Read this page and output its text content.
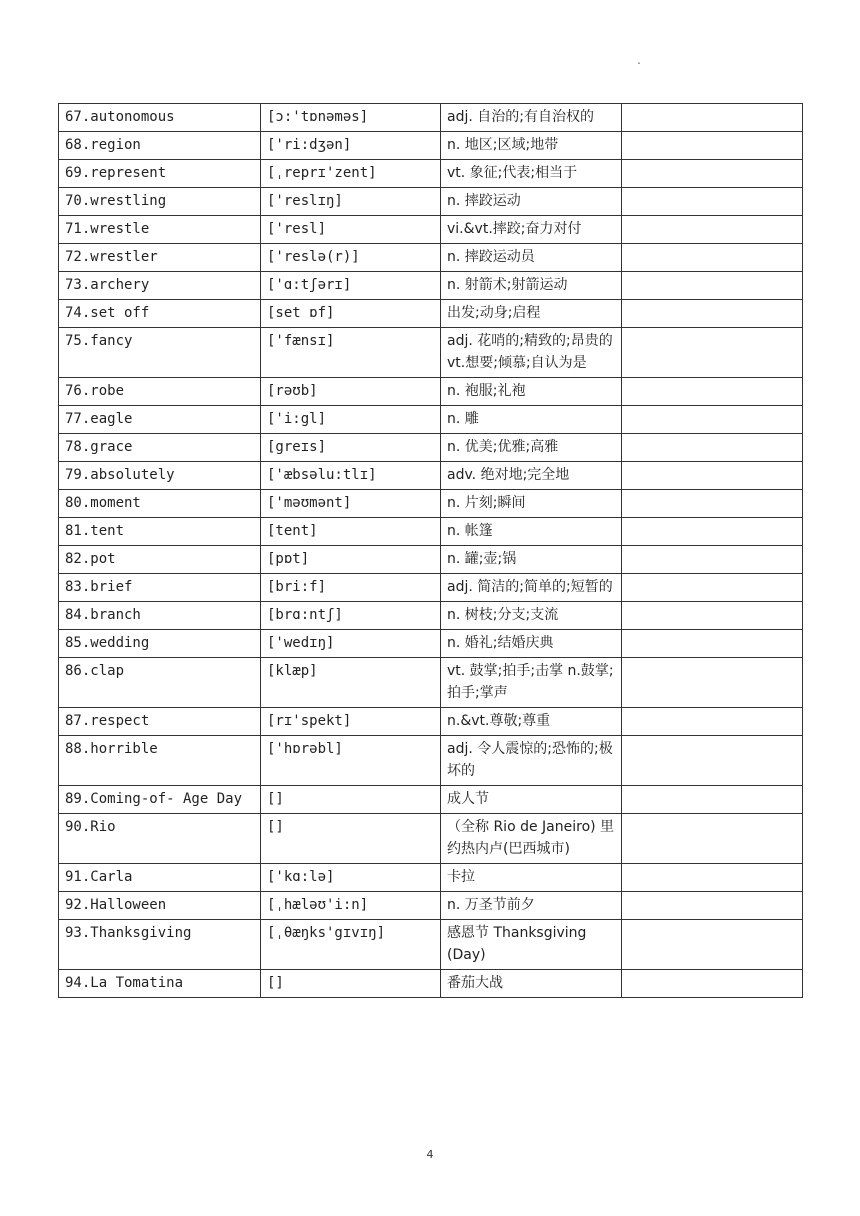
.
67.autonomous	[ɔ:'tɒnəməs]	adj. 自治的;有自治权的	
68.region	['ri:dʒən]	n. 地区;区域;地带	
69.represent	[ˌreprɪ'zent]	vt. 象征;代表;相当于	
70.wrestling	['reslɪŋ]	n. 摔跤运动	
71.wrestle	['resl]	vi.&vt.摔跤;奋力对付	
72.wrestler	['reslə(r)]	n. 摔跤运动员	
73.archery	['ɑ:tʃərɪ]	n. 射箭术;射箭运动	
74.set off	[set ɒf]	出发;动身;启程	
75.fancy	['fænsɪ]	adj. 花哨的;精致的;昂贵的 vt.想要;倾慕;自认为是	
76.robe	[rəʊb]	n. 袍服;礼袍	
77.eagle	['i:gl]	n. 雕	
78.grace	[greɪs]	n. 优美;优雅;高雅	
79.absolutely	['æbsəlu:tlɪ]	adv. 绝对地;完全地	
80.moment	['məʊmənt]	n. 片刻;瞬间	
81.tent	[tent]	n. 帐篷	
82.pot	[pɒt]	n. 罐;壶;锅	
83.brief	[bri:f]	adj. 简洁的;简单的;短暂的	
84.branch	[brɑ:ntʃ]	n. 树枝;分支;支流	
85.wedding	['wedɪŋ]	n. 婚礼;结婚庆典	
86.clap	[klæp]	vt. 鼓掌;拍手;击掌 n.鼓掌;拍手;掌声	
87.respect	[rɪ'spekt]	n.&vt.尊敬;尊重	
88.horrible	['hɒrəbl]	adj. 令人震惊的;恐怖的;极坏的	
89.Coming-of- Age Day	[]	成人节	
90.Rio	[]	（全称 Rio de Janeiro) 里约热内卢(巴西城市)	
91.Carla	['kɑ:lə]	卡拉	
92.Halloween	[ˌhæləʊ'i:n]	n. 万圣节前夕	
93.Thanksgiving	[ˌθæŋks'gɪvɪŋ]	感恩节 Thanksgiving (Day)	
94.La Tomatina	[]	番茄大战	
4
